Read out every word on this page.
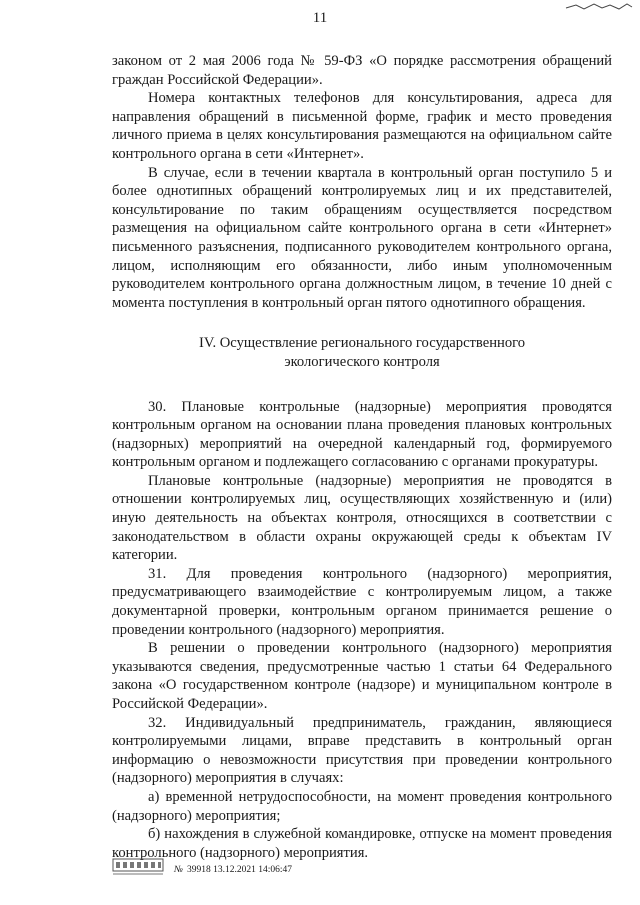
11

законом от 2 мая 2006 года № 59-ФЗ «О порядке рассмотрения обращений граждан Российской Федерации».

Номера контактных телефонов для консультирования, адреса для направления обращений в письменной форме, график и место проведения личного приема в целях консультирования размещаются на официальном сайте контрольного органа в сети «Интернет».

В случае, если в течении квартала в контрольный орган поступило 5 и более однотипных обращений контролируемых лиц и их представителей, консультирование по таким обращениям осуществляется посредством размещения на официальном сайте контрольного органа в сети «Интернет» письменного разъяснения, подписанного руководителем контрольного органа, лицом, исполняющим его обязанности, либо иным уполномоченным руководителем контрольного органа должностным лицом, в течение 10 дней с момента поступления в контрольный орган пятого однотипного обращения.

IV. Осуществление регионального государственного
экологического контроля

30. Плановые контрольные (надзорные) мероприятия проводятся контрольным органом на основании плана проведения плановых контрольных (надзорных) мероприятий на очередной календарный год, формируемого контрольным органом и подлежащего согласованию с органами прокуратуры.

Плановые контрольные (надзорные) мероприятия не проводятся в отношении контролируемых лиц, осуществляющих хозяйственную и (или) иную деятельность на объектах контроля, относящихся в соответствии с законодательством в области охраны окружающей среды к объектам IV категории.

31. Для проведения контрольного (надзорного) мероприятия, предусматривающего взаимодействие с контролируемым лицом, а также документарной проверки, контрольным органом принимается решение о проведении контрольного (надзорного) мероприятия.

В решении о проведении контрольного (надзорного) мероприятия указываются сведения, предусмотренные частью 1 статьи 64 Федерального закона «О государственном контроле (надзоре) и муниципальном контроле в Российской Федерации».

32. Индивидуальный предприниматель, гражданин, являющиеся контролируемыми лицами, вправе представить в контрольный орган информацию о невозможности присутствия при проведении контрольного (надзорного) мероприятия в случаях:

а) временной нетрудоспособности, на момент проведения контрольного (надзорного) мероприятия;

б) нахождения в служебной командировке, отпуске на момент проведения контрольного (надзорного) мероприятия.

№ 39918 13.12.2021 14:06:47
